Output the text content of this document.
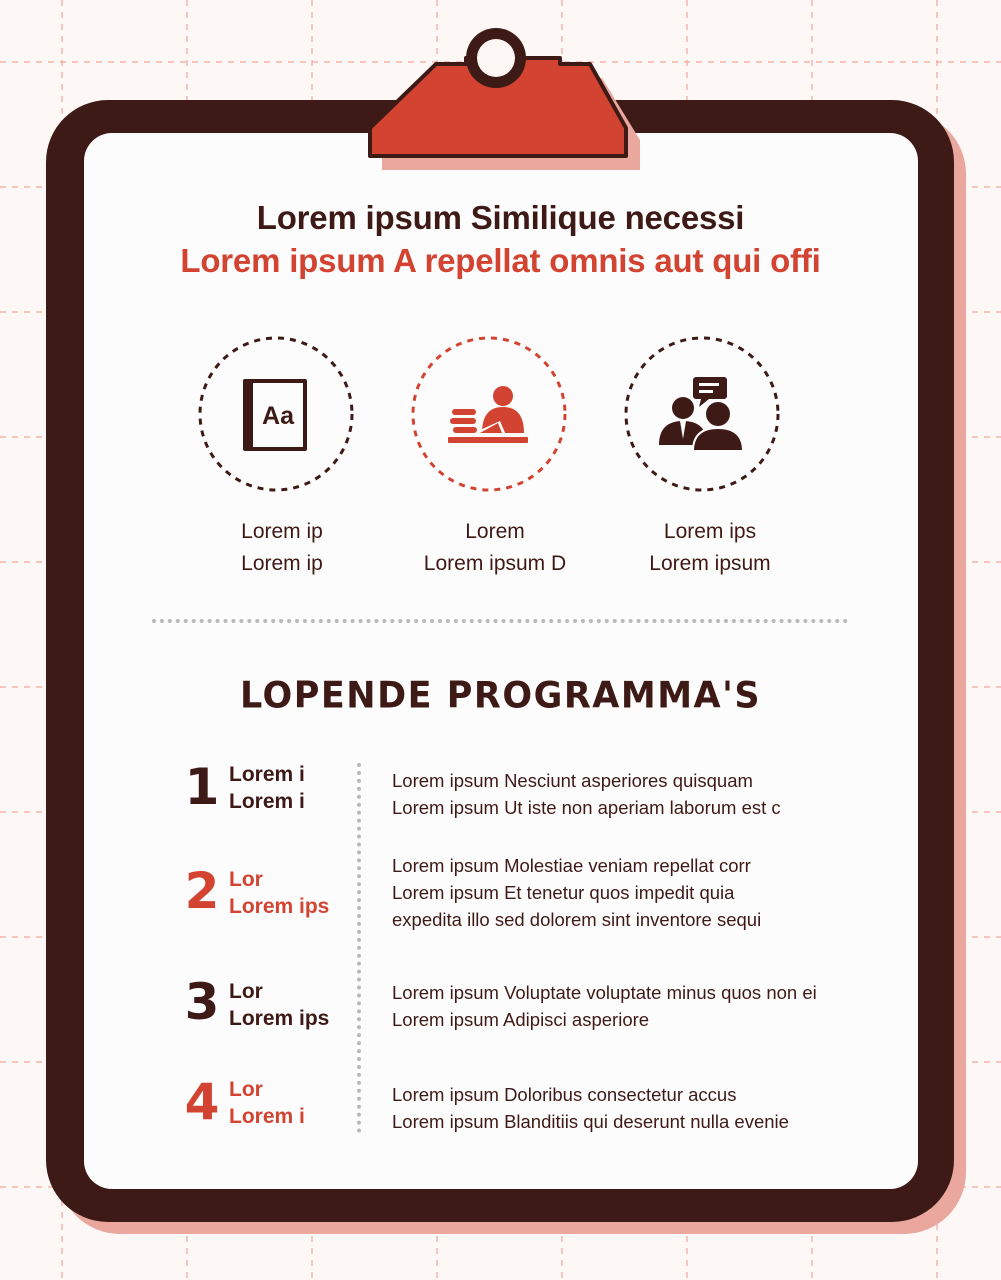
Lorem ipsum Similique necessi
Lorem ipsum A repellat omnis aut qui offi
Aa
Lorem ip
Lorem ip
Lorem
Lorem ipsum D
Lorem ips
Lorem ipsum
LOPENDE PROGRAMMA'S
1 Lorem i
Lorem i
Lorem ipsum Nesciunt asperiores quisquam
Lorem ipsum Ut iste non aperiam laborum est c
2 Lor
Lorem ips
Lorem ipsum Molestiae veniam repellat corr
Lorem ipsum Et tenetur quos impedit quia
expedita illo sed dolorem sint inventore sequi
3 Lor
Lorem ips
Lorem ipsum Voluptate voluptate minus quos non ei
Lorem ipsum Adipisci asperiore
4 Lor
Lorem i
Lorem ipsum Doloribus consectetur accus
Lorem ipsum Blanditiis qui deserunt nulla evenie
